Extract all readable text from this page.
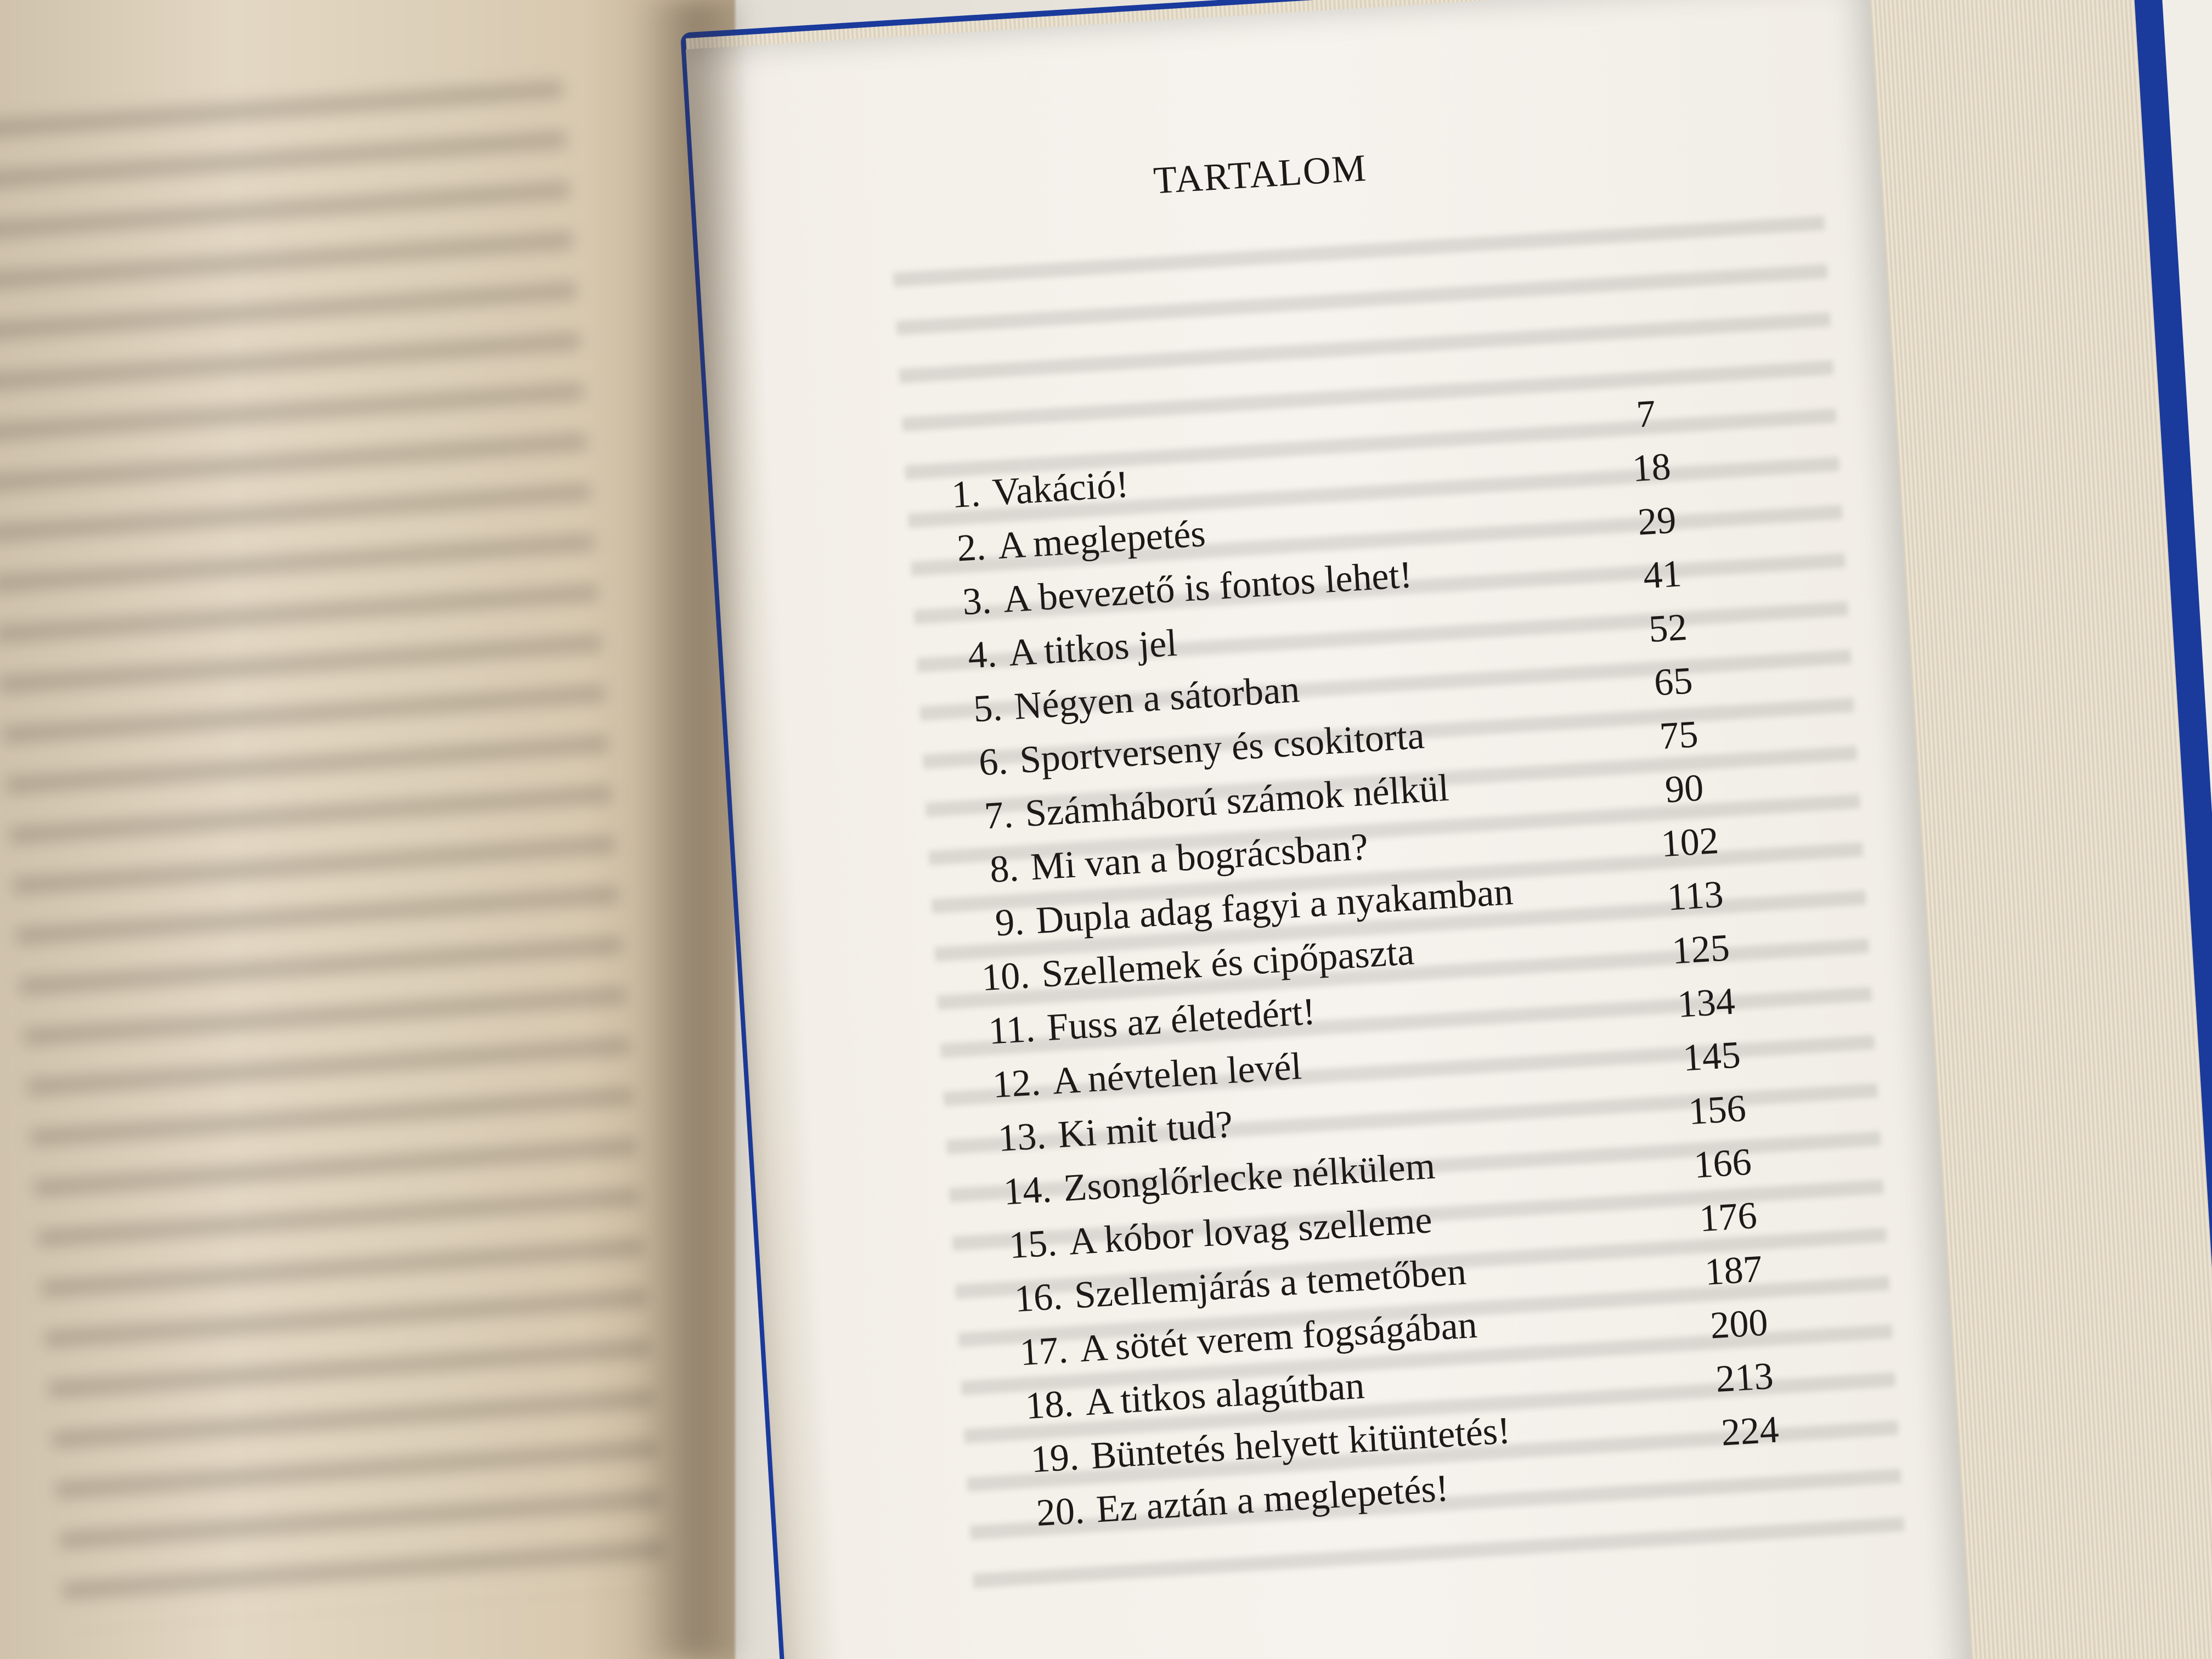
TARTALOM
1. Vakáció!
7
2. A meglepetés
18
3. A bevezető is fontos lehet!
29
4. A titkos jel
41
5. Négyen a sátorban
52
6. Sportverseny és csokitorta
65
7. Számháború számok nélkül
75
8. Mi van a bográcsban?
90
9. Dupla adag fagyi a nyakamban
102
10. Szellemek és cipőpaszta
113
11. Fuss az életedért!
125
12. A névtelen levél
134
13. Ki mit tud?
145
14. Zsonglőrlecke nélkülem
156
15. A kóbor lovag szelleme
166
16. Szellemjárás a temetőben
176
17. A sötét verem fogságában
187
18. A titkos alagútban
200
19. Büntetés helyett kitüntetés!
213
20. Ez aztán a meglepetés!
224
